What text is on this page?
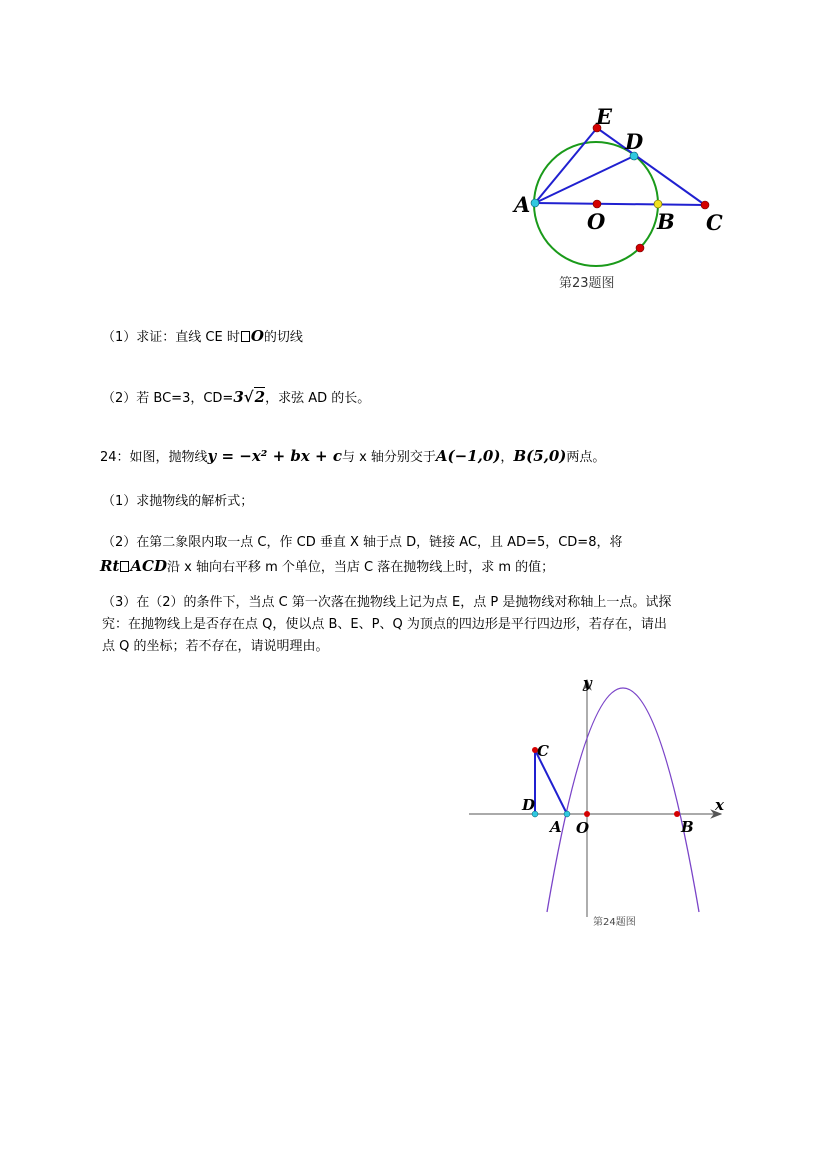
E
D
A
O B C
第23题图
（1）求证：直线 CE 时 O的切线
（2）若 BC=3，CD=3√2，求弦 AD 的长。
24：如图，抛物线y = −x² + bx + c与 x 轴分别交于A(−1,0)，B(5,0)两点。
（1）求抛物线的解析式；
（2）在第二象限内取一点 C，作 CD 垂直 X 轴于点 D，链接 AC，且 AD=5，CD=8，将
Rt ACD沿 x 轴向右平移 m 个单位，当店 C 落在抛物线上时，求 m 的值；
（3）在（2）的条件下，当点 C 第一次落在抛物线上记为点 E，点 P 是抛物线对称轴上一点。试探
究：在抛物线上是否存在点 Q，使以点 B、E、P、Q 为顶点的四边形是平行四边形，若存在，请出
点 Q 的坐标；若不存在，请说明理由。
x
y
C
D
A O	B
第24题图
